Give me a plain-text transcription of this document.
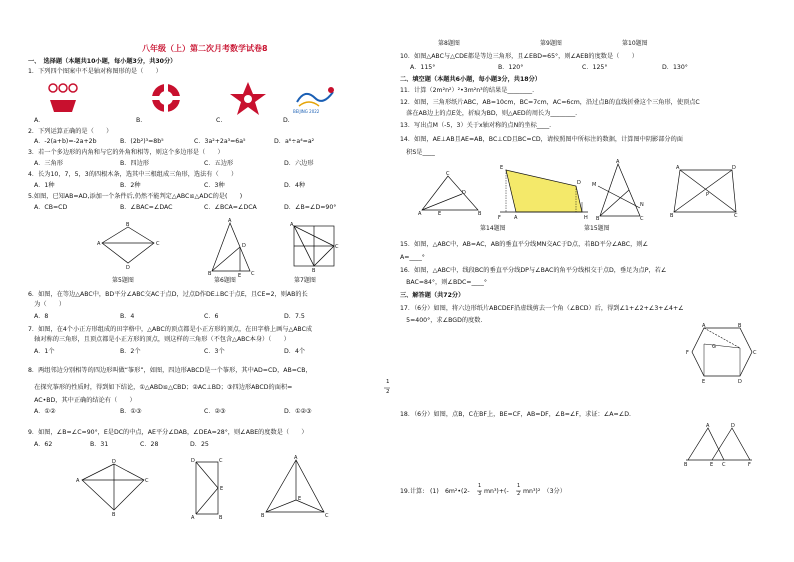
八年级（上）第二次月考数学试卷8
一、　选择题（本题共10小题，每小题3分，共30分）
1．下列四个图案中不是轴对称图形的是（　　）
BEIJING 2022
A.	B.	C.	D.
2．下列运算正确的是（　　）
A．-2(a+b)=-2a+2b	B．(2b²)³=8b⁵	C．3a²+2a³=6a⁵	D．a⁶÷a⁴=a²
3．若一个多边形的内角和与它的外角和相等，则这个多边形是（　　）
A．三角形	B．四边形	C．五边形	D．六边形
4．长为10，7，5，3的四根木条，选其中三根组成三角形，选法有（　　）
A．1种	B．2种	C．3种	D．4种
5.如图，已知AB=AD,添加一个条件后,仍然不能判定△ABC≌△ADC的是(　　)
A．CB=CD	B．∠BAC=∠DAC	C．∠BCA=∠DCA	D．∠B=∠D=90°
B
A	C
D
A
B	C
D
E
A
B
C
第5题图	第6题图	第7题图
6．如图，在等边△ABC中，BD平分∠ABC交AC于点D，过点D作DE⊥BC于点E，且CE=2，则AB的长
　为（　　）
A．8	B．4	C．6	D．7.5
7．如图，在4个小正方形组成的田字格中，△ABC的顶点都是小正方形的顶点，在田字格上画与△ABC成
　轴对称的三角形，且顶点都是小正方形的顶点，则这样的三角形（不包含△ABC本身）（　　）
A．1个	B．2个	C．3个	D．4个
8．两组邻边分别相等的四边形叫做“筝形”，如图，四边形ABCD是一个筝形，其中AD=CD，AB=CB，
　在探究筝形的性质时，得到如下结论，①△ABD≌△CBD；②AC⊥BD；③四边形ABCD的面积=
1
2
　AC•BD，其中正确的结论有（　　）
A．①②	B．①③	C．②③	D．①②③
9．如图，∠B=∠C=90°，E是DC的中点，AE平分∠DAB，∠DEA=28°，则∠ABE的度数是（　　）
A．62	B．31	C．28	D．25
D
A	C
B
D	C
E
A	B
A
B	C
E
第8题图	第9题图	第10题图
10．如图△ABC与△CDE都是等边三角形，且∠EBD=65°，则∠AEB的度数是（　　）
A．115°	B．120°	C．125°	D．130°
二、填空题（本题共6小题，每小题3分，共18分）
11．计算（2m²n²）²•3m²n³的结果是________.
12．如图，三角形纸片ABC，AB=10cm，BC=7cm，AC=6cm，沿过点B的直线折叠这个三角形，使顶点C
　落在AB边上的点E处，折痕为BD，则△AED的周长为________.
13．写出点M（-5，3）关于x轴对称的点N的坐标____.
14．如图，AE⊥AB且AE=AB，BC⊥CD且BC=CD，请按照图中所标注的数据，计算图中阴影部分的面
　积S是____
C
A	B
E
D
E
D
F	A	H
A
B	C
M
N
A	D
B	C
P
第14题图	第15题图
15．如图，△ABC中，AB=AC，AB的垂直平分线MN交AC于D点，若BD平分∠ABC，则∠
A=____°
16．如图，△ABC中，线段BC的垂直平分线DP与∠BAC的角平分线相交于点D，垂足为点P，若∠
　BAC=84°，则∠BDC=____°
三、解答题（共72分）
17．（6分）如图，将六边形纸片ABCDEF沿虚线剪去一个角（∠BCD）后，得到∠1+∠2+∠3+∠4+∠
　5=400°，求∠BGD的度数.
A	B
C
D
E
F
G
18．（6分）如图，点B，C在BF上，BE=CF，AB=DF，∠B=∠F，求证：∠A=∠D.
A	D
B	E C	F
19.计算: (1)　6m²•(2-
1
3 mn³)+(-
1
2 mn³)²　（3分）
